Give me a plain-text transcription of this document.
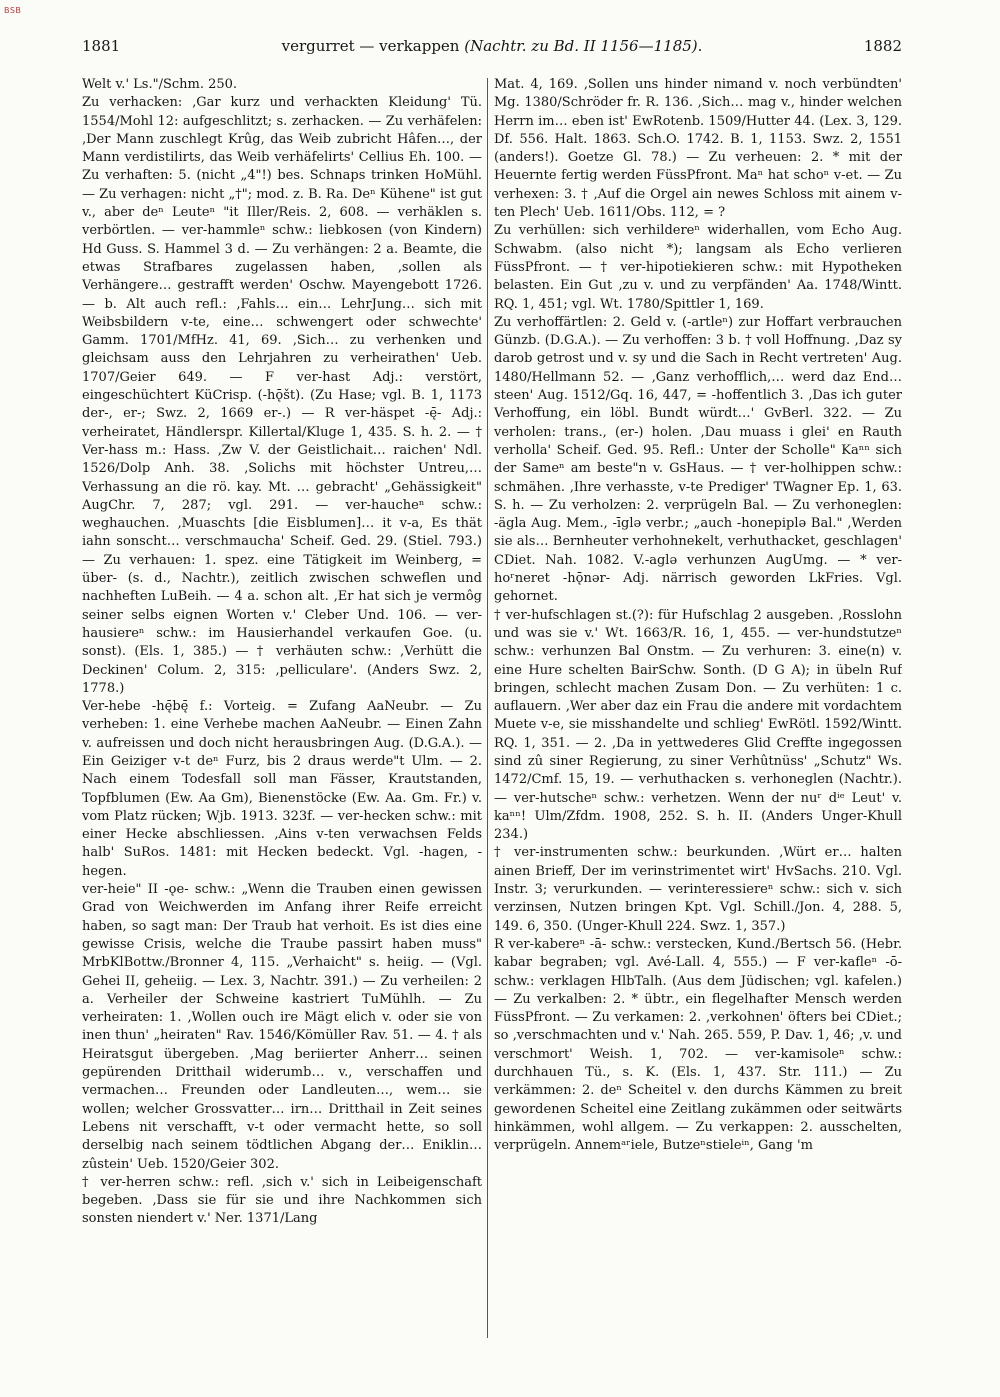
BSB
1881	vergurret — verkappen (Nachtr. zu Bd. II 1156—1185).	1882

Welt v.' Ls."/Schm. 250.

Zu verhacken: ‚Gar kurz und verhackten Kleidung' Tü. 1554/Mohl 12: aufgeschlitzt; s. zerhacken. — Zu verhäfelen: ‚Der Mann zuschlegt Krûg, das Weib zubricht Hâfen…, der Mann verdistilirts, das Weib verhäfelirts' Cellius Eh. 100. — Zu verhaften: 5. (nicht „4"!) bes. Schnaps trinken HoMühl. — Zu verhagen: nicht „†"; mod. z. B. Ra. Deⁿ Kühene" ist gut v., aber deⁿ Leuteⁿ "it Iller/Reis. 2, 608. — verhäklen s. verbörtlen. — ver-hammleⁿ schw.: liebkosen (von Kindern) Hd Guss. S. Hammel 3 d. — Zu verhängen: 2 a. Beamte, die etwas Strafbares zugelassen haben, ‚sollen als Verhängere… gestrafft werden' Oschw. Mayengebott 1726. — b. Alt auch refl.: ‚Fahls… ein… LehrJung… sich mit Weibsbildern v-te, eine… schwengert oder schwechte' Gamm. 1701/MfHz. 41, 69. ‚Sich… zu verhenken und gleichsam auss den Lehrjahren zu verheirathen' Ueb. 1707/Geier 649. — F ver-hast Adj.: verstört, eingeschüchtert KüCrisp. (-hǭšt). (Zu Hase; vgl. B. 1, 1173 der-, er-; Swz. 2, 1669 er-.) — R ver-häspet -ę̄- Adj.: verheiratet, Händlerspr. Killertal/Kluge 1, 435. S. h. 2. — † Ver-hass m.: Hass. ‚Zw V. der Geistlichait… raichen' Ndl. 1526/Dolp Anh. 38. ‚Solichs mit höchster Untreu,… Verhassung an die rö. kay. Mt. … gebracht' „Gehässigkeit" AugChr. 7, 287; vgl. 291. — ver-haucheⁿ schw.: weghauchen. ‚Muaschts [die Eisblumen]… it v-a, Es thät iahn sonscht… verschmaucha' Scheif. Ged. 29. (Stiel. 793.) — Zu verhauen: 1. spez. eine Tätigkeit im Weinberg, = über- (s. d., Nachtr.), zeitlich zwischen schweflen und nachheften LuBeih. — 4 a. schon alt. ‚Er hat sich je vermôg seiner selbs eignen Worten v.' Cleber Und. 106. — ver-hausiereⁿ schw.: im Hausierhandel verkaufen Goe. (u. sonst). (Els. 1, 385.) — † verhäuten schw.: ‚Verhütt die Deckinen' Colum. 2, 315: ‚pelliculare'. (Anders Swz. 2, 1778.)

Ver-hebe -hę̄bę̄ f.: Vorteig. = Zufang AaNeubr. — Zu verheben: 1. eine Verhebe machen AaNeubr. — Einen Zahn v. aufreissen und doch nicht herausbringen Aug. (D.G.A.). — Ein Geiziger v-t deⁿ Furz, bis 2 draus werde"t Ulm. — 2. Nach einem Todesfall soll man Fässer, Krautstanden, Topfblumen (Ew. Aa Gm), Bienenstöcke (Ew. Aa. Gm. Fr.) v. vom Platz rücken; Wjb. 1913. 323f. — ver-hecken schw.: mit einer Hecke abschliessen. ‚Ains v-ten verwachsen Felds halb' SuRos. 1481: mit Hecken bedeckt. Vgl. -hagen, -hegen.

ver-heie" II -ǫe- schw.: „Wenn die Trauben einen gewissen Grad von Weichwerden im Anfang ihrer Reife erreicht haben, so sagt man: Der Traub hat verhoit. Es ist dies eine gewisse Crisis, welche die Traube passirt haben muss" MrbKlBottw./Bronner 4, 115. „Verhaicht" s. heiig. — (Vgl. Gehei II, geheiig. — Lex. 3, Nachtr. 391.) — Zu verheilen: 2 a. Verheiler der Schweine kastriert TuMühlh. — Zu verheiraten: 1. ‚Wollen ouch ire Mägt elich v. oder sie von inen thun' „heiraten" Rav. 1546/Kömüller Rav. 51. — 4. † als Heiratsgut übergeben. ‚Mag beriierter Anherr… seinen gepürenden Dritthail widerumb… v., verschaffen und vermachen… Freunden oder Landleuten…, wem… sie wollen; welcher Grossvatter… irn… Dritthail in Zeit seines Lebens nit verschafft, v-t oder vermacht hette, so soll derselbig nach seinem tödtlichen Abgang der… Eniklin… zûstein' Ueb. 1520/Geier 302.

† ver-herren schw.: refl. ‚sich v.' sich in Leibeigenschaft begeben. ‚Dass sie für sie und ihre Nachkommen sich sonsten niendert v.' Ner. 1371/Lang

Mat. 4, 169. ‚Sollen uns hinder nimand v. noch verbündten' Mg. 1380/Schröder fr. R. 136. ‚Sich… mag v., hinder welchen Herrn im… eben ist' EwRotenb. 1509/Hutter 44. (Lex. 3, 129. Df. 556. Halt. 1863. Sch.O. 1742. B. 1, 1153. Swz. 2, 1551 (anders!). Goetze Gl. 78.) — Zu verheuen: 2. * mit der Heuernte fertig werden FüssPfront. Maⁿ hat schoⁿ v-et. — Zu verhexen: 3. † ‚Auf die Orgel ain newes Schloss mit ainem v-ten Plech' Ueb. 1611/Obs. 112, = ?

Zu verhüllen: sich verhildereⁿ widerhallen, vom Echo Aug. Schwabm. (also nicht *); langsam als Echo verlieren FüssPfront. — † ver-hipotiekieren schw.: mit Hypotheken belasten. Ein Gut ‚zu v. und zu verpfänden' Aa. 1748/Wintt. RQ. 1, 451; vgl. Wt. 1780/Spittler 1, 169.

Zu verhoffärtlen: 2. Geld v. (-artleⁿ) zur Hoffart verbrauchen Günzb. (D.G.A.). — Zu verhoffen: 3 b. † voll Hoffnung. ‚Daz sy darob getrost und v. sy und die Sach in Recht vertreten' Aug. 1480/Hellmann 52. — ‚Ganz verhofflich,… werd daz End… steen' Aug. 1512/Gq. 16, 447, = -hoffentlich 3. ‚Das ich guter Verhoffung, ein löbl. Bundt würdt…' GvBerl. 322. — Zu verholen: trans., (er-) holen. ‚Dau muass i glei' en Rauth verholla' Scheif. Ged. 95. Refl.: Unter der Scholle" Kaⁿⁿ sich der Sameⁿ am beste"n v. GsHaus. — † ver-holhippen schw.: schmähen. ‚Ihre verhasste, v-te Prediger' TWagner Ep. 1, 63. S. h. — Zu verholzen: 2. verprügeln Bal. — Zu verhoneglen: -ägla Aug. Mem., -īglə verbr.; „auch -honepiplə Bal." ‚Werden sie als… Bernheuter verhohnekelt, verhuthacket, geschlagen' CDiet. Nah. 1082. V.-aglə verhunzen AugUmg. — * ver-hoʳneret -hǭnər- Adj. närrisch geworden LkFries. Vgl. gehornet.

† ver-hufschlagen st.(?): für Hufschlag 2 ausgeben. ‚Rosslohn und was sie v.' Wt. 1663/R. 16, 1, 455. — ver-hundstutzeⁿ schw.: verhunzen Bal Onstm. — Zu verhuren: 3. eine(n) v. eine Hure schelten BairSchw. Sonth. (D G A); in übeln Ruf bringen, schlecht machen Zusam Don. — Zu verhüten: 1 c. auflauern. ‚Wer aber daz ein Frau die andere mit vordachtem Muete v-e, sie misshandelte und schlieg' EwRötl. 1592/Wintt. RQ. 1, 351. — 2. ‚Da in yettwederes Glid Creffte ingegossen sind zû siner Regierung, zu siner Verhûtnüss' „Schutz" Ws. 1472/Cmf. 15, 19. — verhuthacken s. verhoneglen (Nachtr.). — ver-hutscheⁿ schw.: verhetzen. Wenn der nuʳ dⁱᵉ Leut' v. kaⁿⁿ! Ulm/Zfdm. 1908, 252. S. h. II. (Anders Unger-Khull 234.)

† ver-instrumenten schw.: beurkunden. ‚Würt er… halten ainen Brieff, Der im verinstrimentet wirt' HvSachs. 210. Vgl. Instr. 3; verurkunden. — verinteressiereⁿ schw.: sich v. sich verzinsen, Nutzen bringen Kpt. Vgl. Schill./Jon. 4, 288. 5, 149. 6, 350. (Unger-Khull 224. Swz. 1, 357.)

R ver-kabereⁿ -ā- schw.: verstecken, Kund./Bertsch 56. (Hebr. kabar begraben; vgl. Avé-Lall. 4, 555.) — F ver-kafleⁿ -ō- schw.: verklagen HlbTalh. (Aus dem Jüdischen; vgl. kafelen.) — Zu verkalben: 2. * übtr., ein flegelhafter Mensch werden FüssPfront. — Zu verkamen: 2. ‚verkohnen' öfters bei CDiet.; so ‚verschmachten und v.' Nah. 265. 559, P. Dav. 1, 46; ‚v. und verschmort' Weish. 1, 702. — ver-kamisoleⁿ schw.: durchhauen Tü., s. K. (Els. 1, 437. Str. 111.) — Zu verkämmen: 2. deⁿ Scheitel v. den durchs Kämmen zu breit gewordenen Scheitel eine Zeitlang zukämmen oder seitwärts hinkämmen, wohl allgem. — Zu verkappen: 2. ausschelten, verprügeln. Annemᵃʳiele, Butzeⁿstieleⁱⁿ, Gang 'm
